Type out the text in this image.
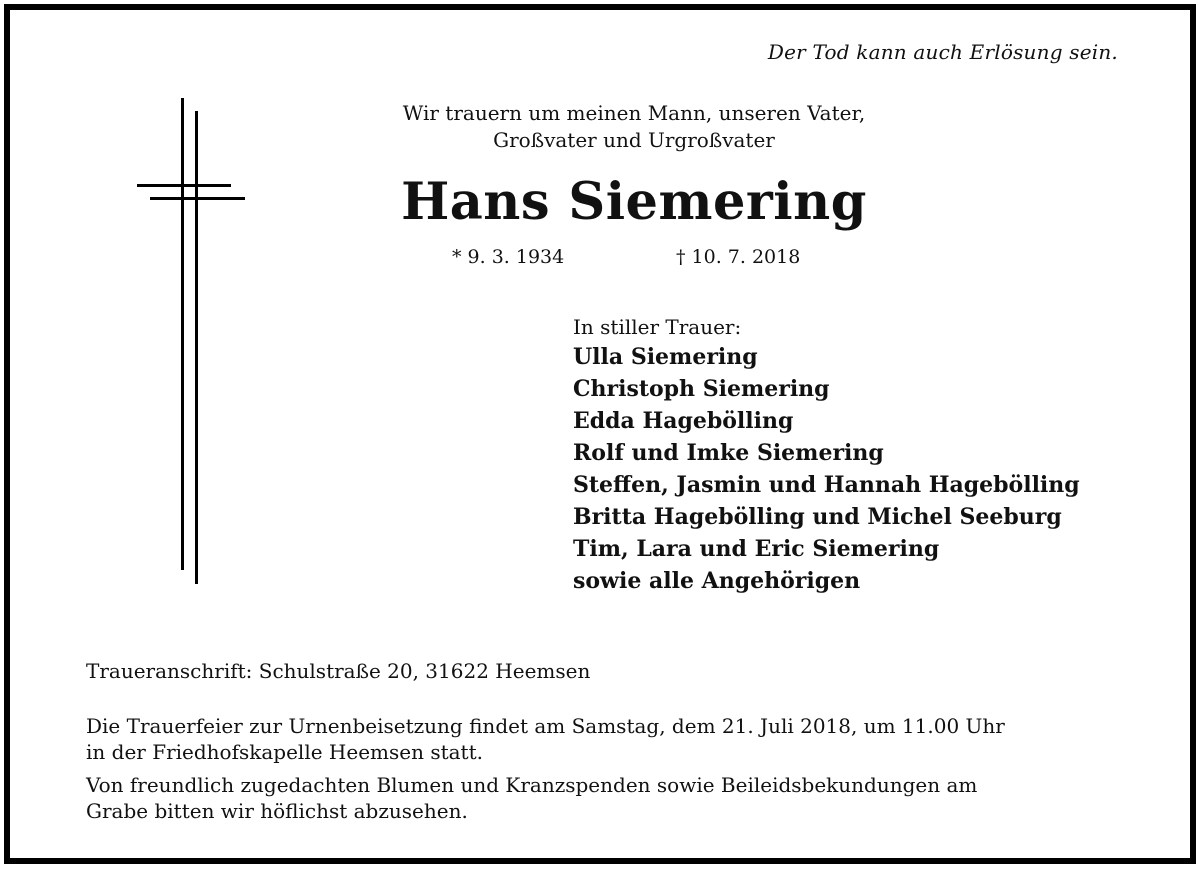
Der Tod kann auch Erlösung sein.
Wir trauern um meinen Mann, unseren Vater,
Großvater und Urgroßvater
Hans Siemering
* 9. 3. 1934	† 10. 7. 2018
In stiller Trauer:
Ulla Siemering
Christoph Siemering
Edda Hagebölling
Rolf und Imke Siemering
Steffen, Jasmin und Hannah Hagebölling
Britta Hagebölling und Michel Seeburg
Tim, Lara und Eric Siemering
sowie alle Angehörigen
Traueranschrift: Schulstraße 20, 31622 Heemsen
Die Trauerfeier zur Urnenbeisetzung findet am Samstag, dem 21. Juli 2018, um 11.00 Uhr
in der Friedhofskapelle Heemsen statt.
Von freundlich zugedachten Blumen und Kranzspenden sowie Beileidsbekundungen am
Grabe bitten wir höflichst abzusehen.
